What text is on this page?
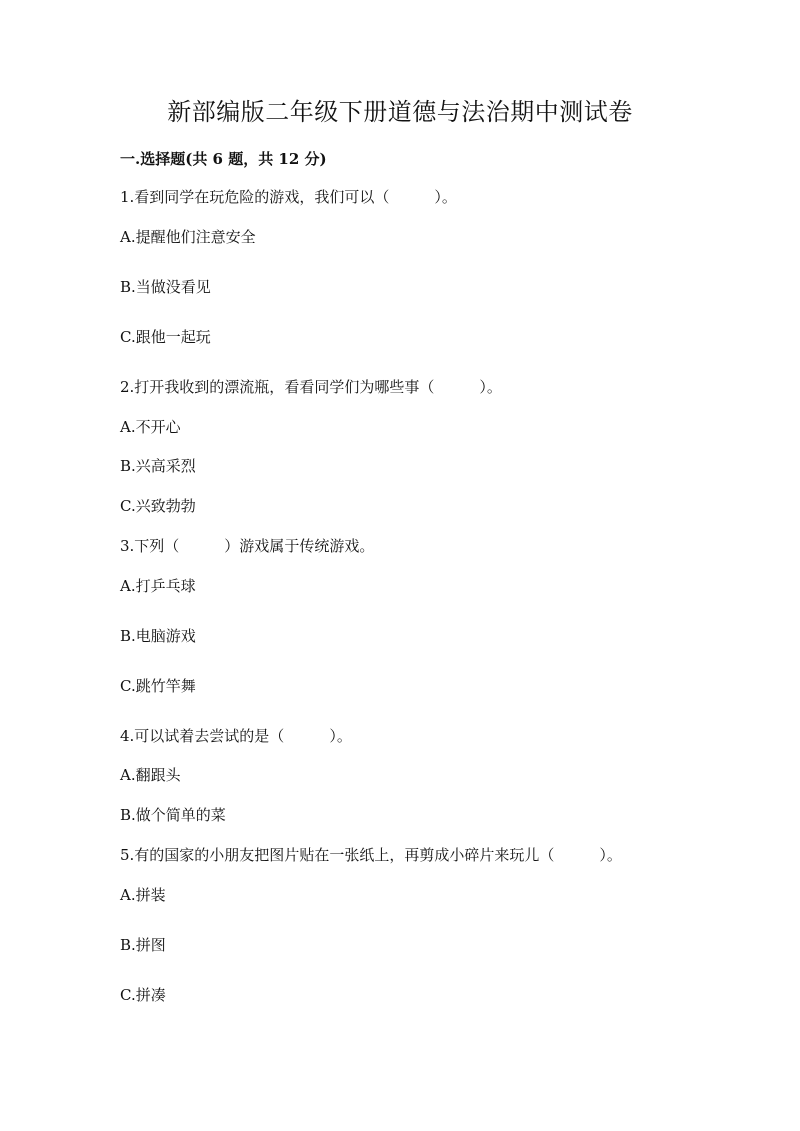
新部编版二年级下册道德与法治期中测试卷
一.选择题(共 6 题，共 12 分)
1.看到同学在玩危险的游戏，我们可以（　　　）。
A.提醒他们注意安全
B.当做没看见
C.跟他一起玩
2.打开我收到的漂流瓶，看看同学们为哪些事（　　　）。
A.不开心
B.兴高采烈
C.兴致勃勃
3.下列（　　　）游戏属于传统游戏。
A.打乒乓球
B.电脑游戏
C.跳竹竿舞
4.可以试着去尝试的是（　　　）。
A.翻跟头
B.做个简单的菜
5.有的国家的小朋友把图片贴在一张纸上，再剪成小碎片来玩儿（　　　）。
A.拼装
B.拼图
C.拼凑
